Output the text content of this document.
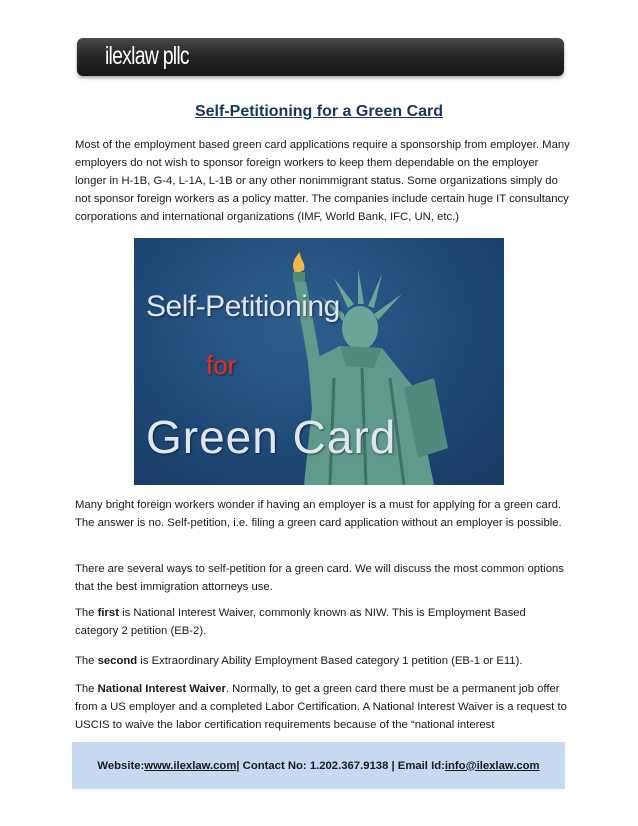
ilexlaw pllc
Self-Petitioning for a Green Card

Most of the employment based green card applications require a sponsorship from employer. Many employers do not wish to sponsor foreign workers to keep them dependable on the employer longer in H-1B, G-4, L-1A, L-1B or any other nonimmigrant status. Some organizations simply do not sponsor foreign workers as a policy matter. The companies include certain huge IT consultancy corporations and international organizations (IMF, World Bank, IFC, UN, etc.)

Self-Petitioning
for
Green Card

Many bright foreign workers wonder if having an employer is a must for applying for a green card. The answer is no. Self-petition, i.e. filing a green card application without an employer is possible.

There are several ways to self-petition for a green card. We will discuss the most common options that the best immigration attorneys use.

The first is National Interest Waiver, commonly known as NIW. This is Employment Based category 2 petition (EB-2).

The second is Extraordinary Ability Employment Based category 1 petition (EB-1 or E11).

The National Interest Waiver. Normally, to get a green card there must be a permanent job offer from a US employer and a completed Labor Certification. A National Interest Waiver is a request to USCIS to waive the labor certification requirements because of the “national interest

Website: www.ilexlaw.com | Contact No: 1.202.367.9138 | Email Id: info@ilexlaw.com
